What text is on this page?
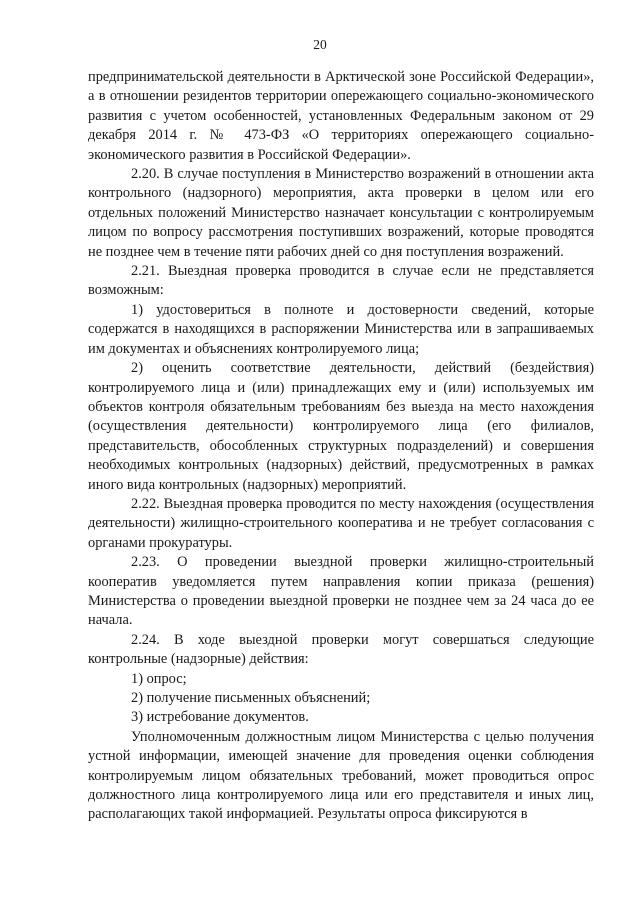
20

предпринимательской деятельности в Арктической зоне Российской Федерации», а в отношении резидентов территории опережающего социально-экономического развития с учетом особенностей, установленных Федеральным законом от 29 декабря 2014 г. № 473-ФЗ «О территориях опережающего социально-экономического развития в Российской Федерации».

2.20. В случае поступления в Министерство возражений в отношении акта контрольного (надзорного) мероприятия, акта проверки в целом или его отдельных положений Министерство назначает консультации с контролируемым лицом по вопросу рассмотрения поступивших возражений, которые проводятся не позднее чем в течение пяти рабочих дней со дня поступления возражений.

2.21. Выездная проверка проводится в случае если не представляется возможным:

1) удостовериться в полноте и достоверности сведений, которые содержатся в находящихся в распоряжении Министерства или в запрашиваемых им документах и объяснениях контролируемого лица;

2) оценить соответствие деятельности, действий (бездействия) контролируемого лица и (или) принадлежащих ему и (или) используемых им объектов контроля обязательным требованиям без выезда на место нахождения (осуществления деятельности) контролируемого лица (его филиалов, представительств, обособленных структурных подразделений) и совершения необходимых контрольных (надзорных) действий, предусмотренных в рамках иного вида контрольных (надзорных) мероприятий.

2.22. Выездная проверка проводится по месту нахождения (осуществления деятельности) жилищно-строительного кооператива и не требует согласования с органами прокуратуры.

2.23. О проведении выездной проверки жилищно-строительный кооператив уведомляется путем направления копии приказа (решения) Министерства о проведении выездной проверки не позднее чем за 24 часа до ее начала.

2.24. В ходе выездной проверки могут совершаться следующие контрольные (надзорные) действия:

1) опрос;

2) получение письменных объяснений;

3) истребование документов.

Уполномоченным должностным лицом Министерства с целью получения устной информации, имеющей значение для проведения оценки соблюдения контролируемым лицом обязательных требований, может проводиться опрос должностного лица контролируемого лица или его представителя и иных лиц, располагающих такой информацией. Результаты опроса фиксируются в
